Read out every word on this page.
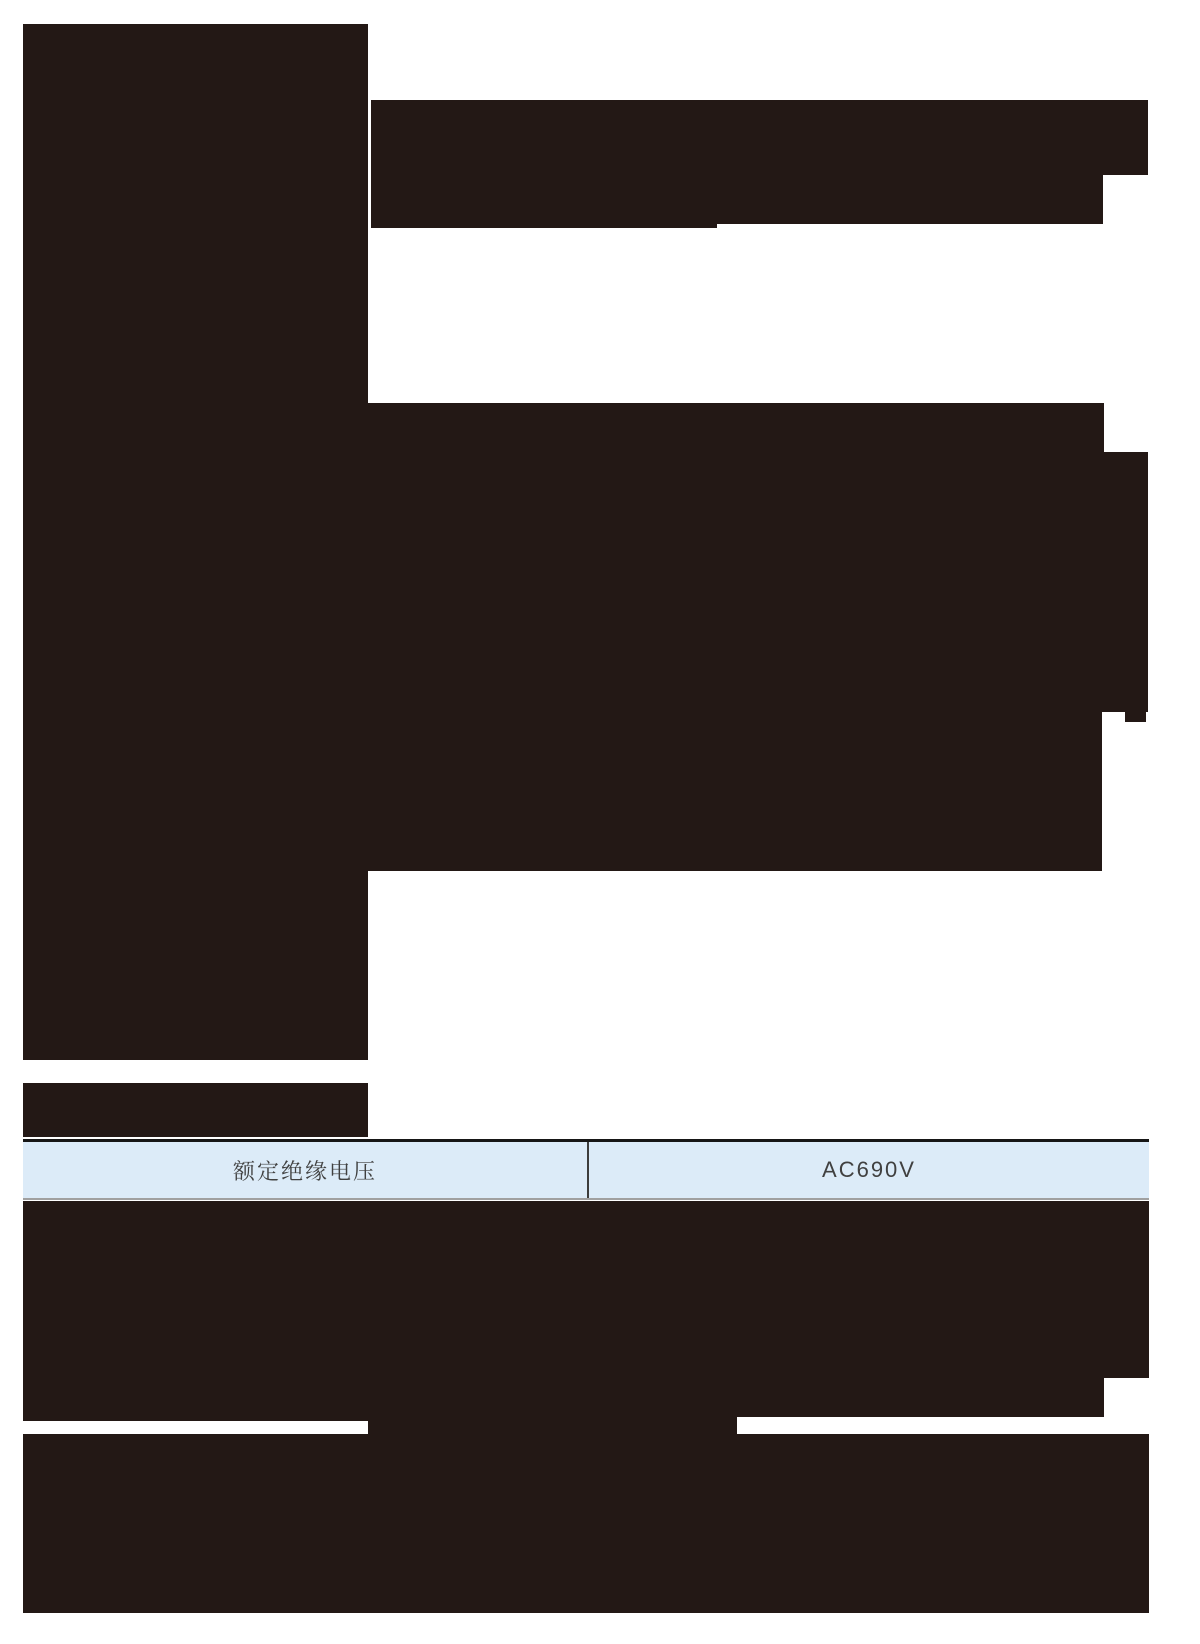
额定绝缘电压	AC690V
